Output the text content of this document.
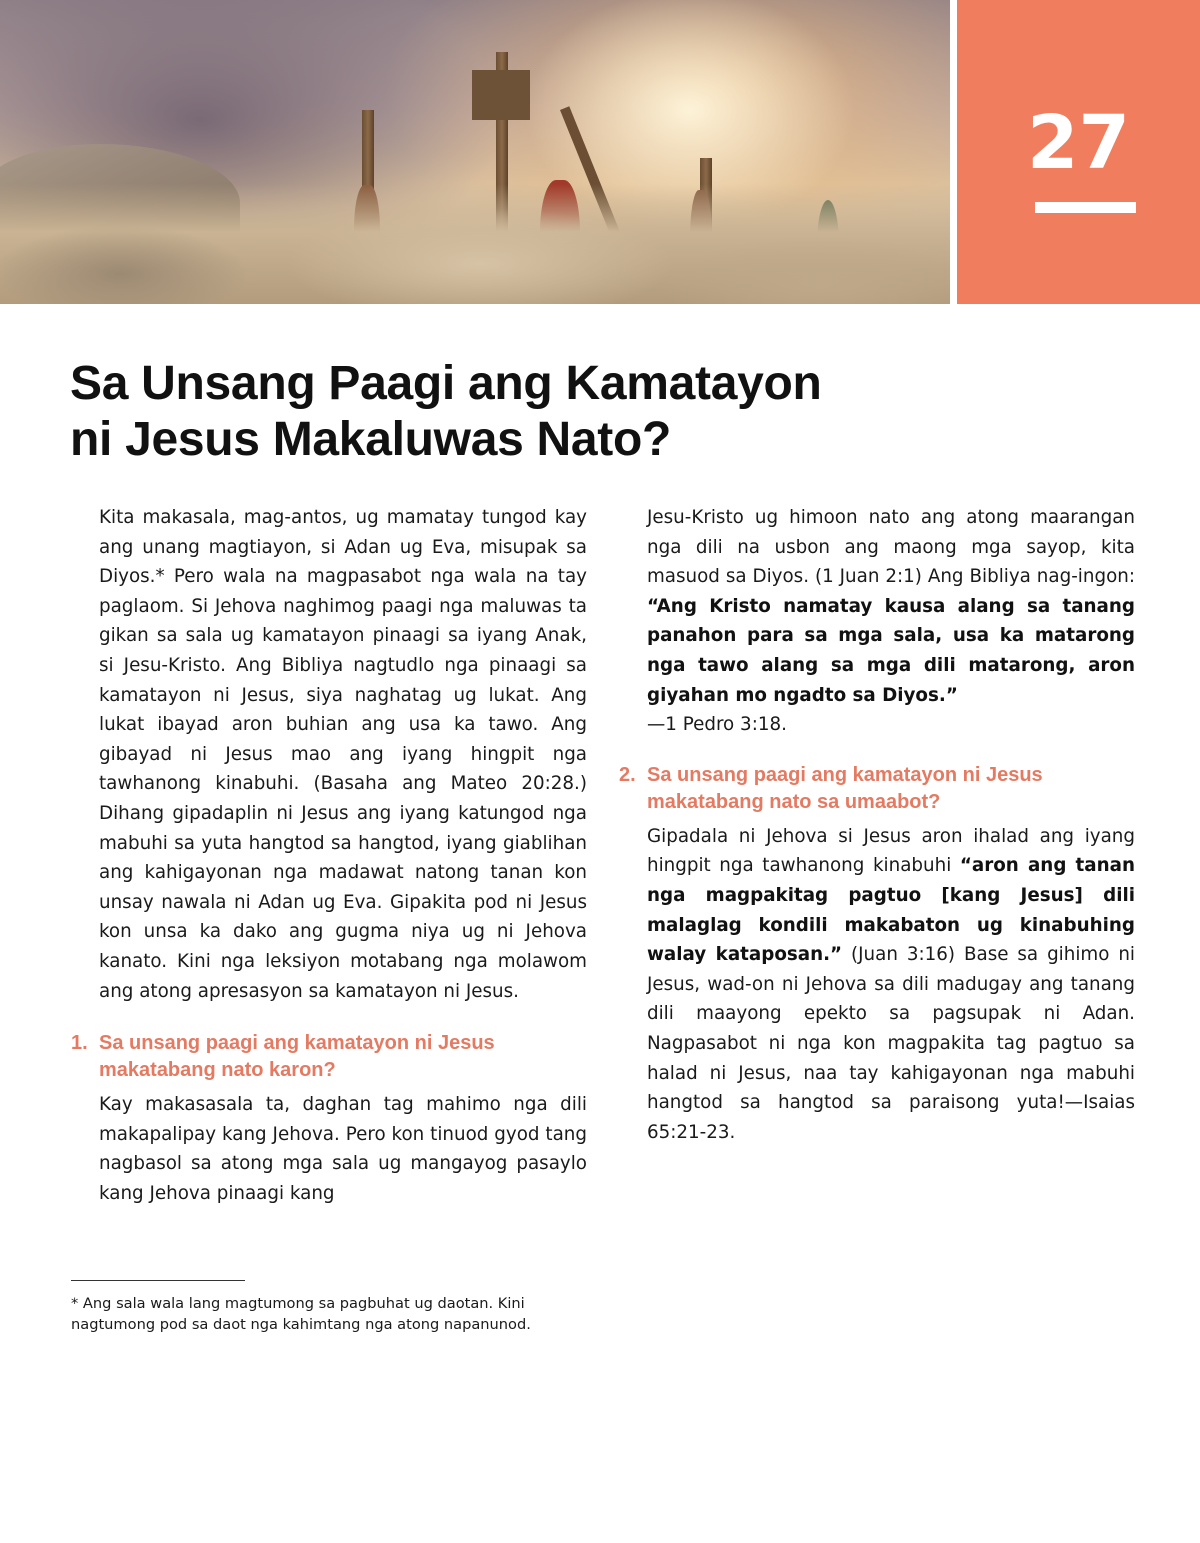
27
Sa Unsang Paagi ang Kamatayon
ni Jesus Makaluwas Nato?

Kita makasala, mag-antos, ug mamatay tungod kay ang unang magtiayon, si Adan ug Eva, misupak sa Diyos.* Pero wala na magpasabot nga wala na tay paglaom. Si Jehova naghimog paagi nga maluwas ta gikan sa sala ug kamatayon pinaagi sa iyang Anak, si Jesu-Kristo. Ang Bibliya nagtudlo nga pinaagi sa kamatayon ni Jesus, siya naghatag ug lukat. Ang lukat ibayad aron buhian ang usa ka tawo. Ang gibayad ni Jesus mao ang iyang hingpit nga tawhanong kinabuhi. (Basaha ang Mateo 20:28.) Dihang gipadaplin ni Jesus ang iyang katungod nga mabuhi sa yuta hangtod sa hangtod, iyang giablihan ang kahigayonan nga madawat natong tanan kon unsay nawala ni Adan ug Eva. Gipakita pod ni Jesus kon unsa ka dako ang gugma niya ug ni Jehova kanato. Kini nga leksiyon motabang nga molawom ang atong apresasyon sa kamatayon ni Jesus.

1. Sa unsang paagi ang kamatayon ni Jesus makatabang nato karon?

Kay makasasala ta, daghan tag mahimo nga dili makapalipay kang Jehova. Pero kon tinuod gyod tang nagbasol sa atong mga sala ug mangayog pasaylo kang Jehova pinaagi kang

* Ang sala wala lang magtumong sa pagbuhat ug daotan. Kini nagtumong pod sa daot nga kahimtang nga atong napanunod.

Jesu-Kristo ug himoon nato ang atong maarangan nga dili na usbon ang maong mga sayop, kita masuod sa Diyos. (1 Juan 2:1) Ang Bibliya nag-ingon: “Ang Kristo namatay kausa alang sa tanang panahon para sa mga sala, usa ka matarong nga tawo alang sa mga dili matarong, aron giyahan mo ngadto sa Diyos.”
—1 Pedro 3:18.

2. Sa unsang paagi ang kamatayon ni Jesus makatabang nato sa umaabot?

Gipadala ni Jehova si Jesus aron ihalad ang iyang hingpit nga tawhanong kinabuhi “aron ang tanan nga magpakitag pagtuo [kang Jesus] dili malaglag kondili makabaton ug kinabuhing walay kataposan.” (Juan 3:16) Base sa gihimo ni Jesus, wad-on ni Jehova sa dili madugay ang tanang dili maayong epekto sa pagsupak ni Adan. Nagpasabot ni nga kon magpakita tag pagtuo sa halad ni Jesus, naa tay kahigayonan nga mabuhi hangtod sa hangtod sa paraisong yuta!—Isaias 65:21-23.
